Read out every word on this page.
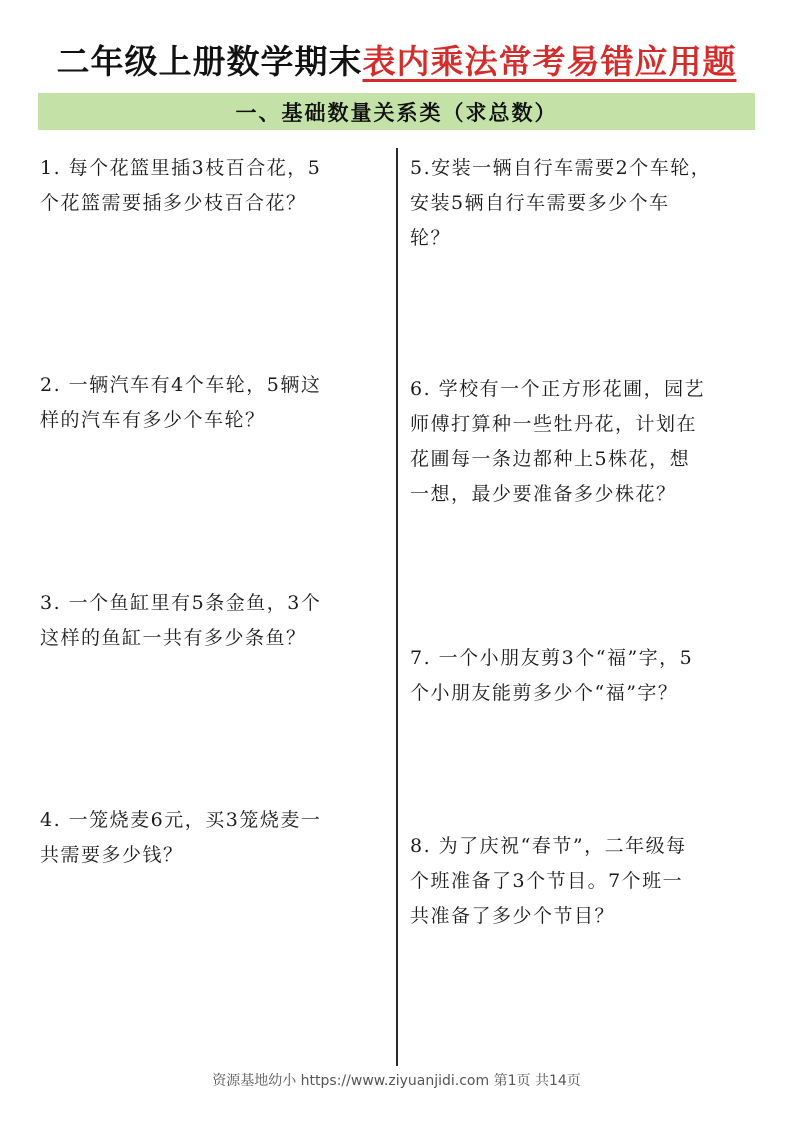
二年级上册数学期末表内乘法常考易错应用题
一、基础数量关系类（求总数）
1. 每个花篮里插3枝百合花，5
个花篮需要插多少枝百合花？
2. 一辆汽车有4个车轮，5辆这
样的汽车有多少个车轮？
3. 一个鱼缸里有5条金鱼，3个
这样的鱼缸一共有多少条鱼？
4. 一笼烧麦6元，买3笼烧麦一
共需要多少钱？
5.安装一辆自行车需要2个车轮，
安装5辆自行车需要多少个车
轮？
6. 学校有一个正方形花圃，园艺
师傅打算种一些牡丹花，计划在
花圃每一条边都种上5株花，想
一想，最少要准备多少株花？
7. 一个小朋友剪3个“福”字，5
个小朋友能剪多少个“福”字？
8. 为了庆祝“春节”，二年级每
个班准备了3个节目。7个班一
共准备了多少个节目？
资源基地幼小 https://www.ziyuanjidi.com 第1页 共14页
